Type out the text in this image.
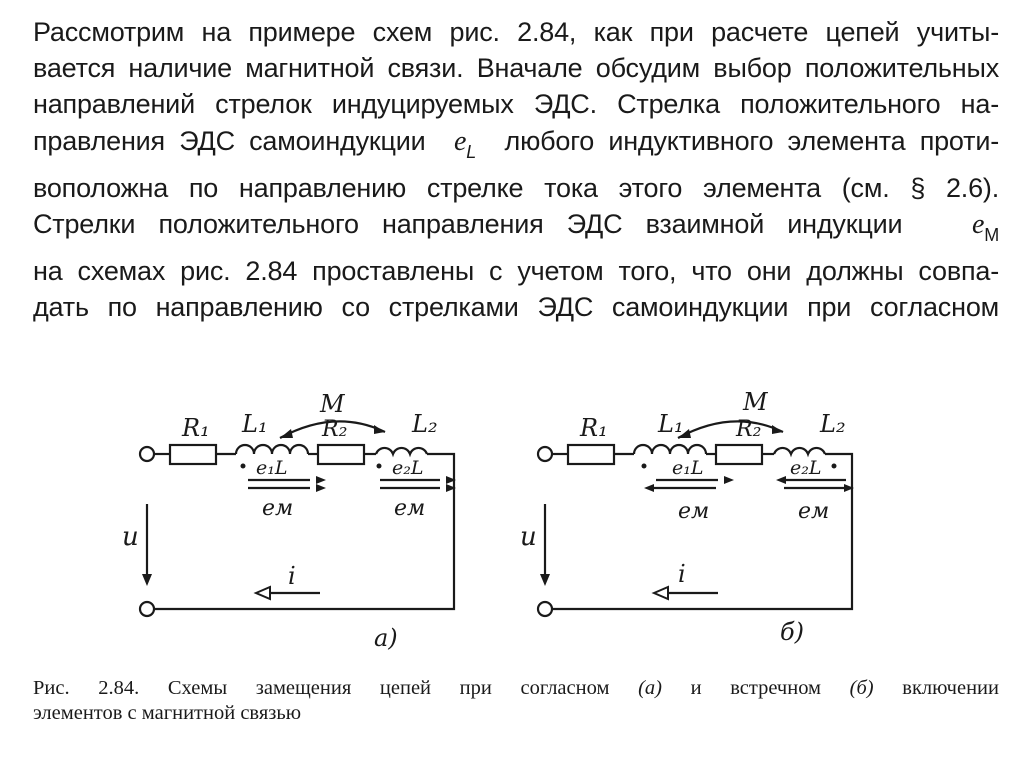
Рассмотрим на примере схем рис. 2.84, как при расчете цепей учиты-
вается наличие магнитной связи. Вначале обсудим выбор положительных
направлений стрелок индуцируемых ЭДС. Стрелка положительного на-
правления ЭДС самоиндукции $e_L$ любого индуктивного элемента проти-
воположна по направлению стрелке тока этого элемента (см. § 2.6).
Стрелки положительного направления ЭДС взаимной индукции $e_M$
на схемах рис. 2.84 проставлены с учетом того, что они должны совпа-
дать по направлению со стрелками ЭДС самоиндукции при согласном
R₁ L₁
M
R₂	L₂
e₁L	e₂L
eм	eм
u
i
а)
R₁ L₁
M
R₂ L₂
e₁L	e₂L
eм	eм
u
i
б)
Рис. 2.84. Схемы замещения цепей при согласном (а) и встречном (б) включении
элементов с магнитной связью
